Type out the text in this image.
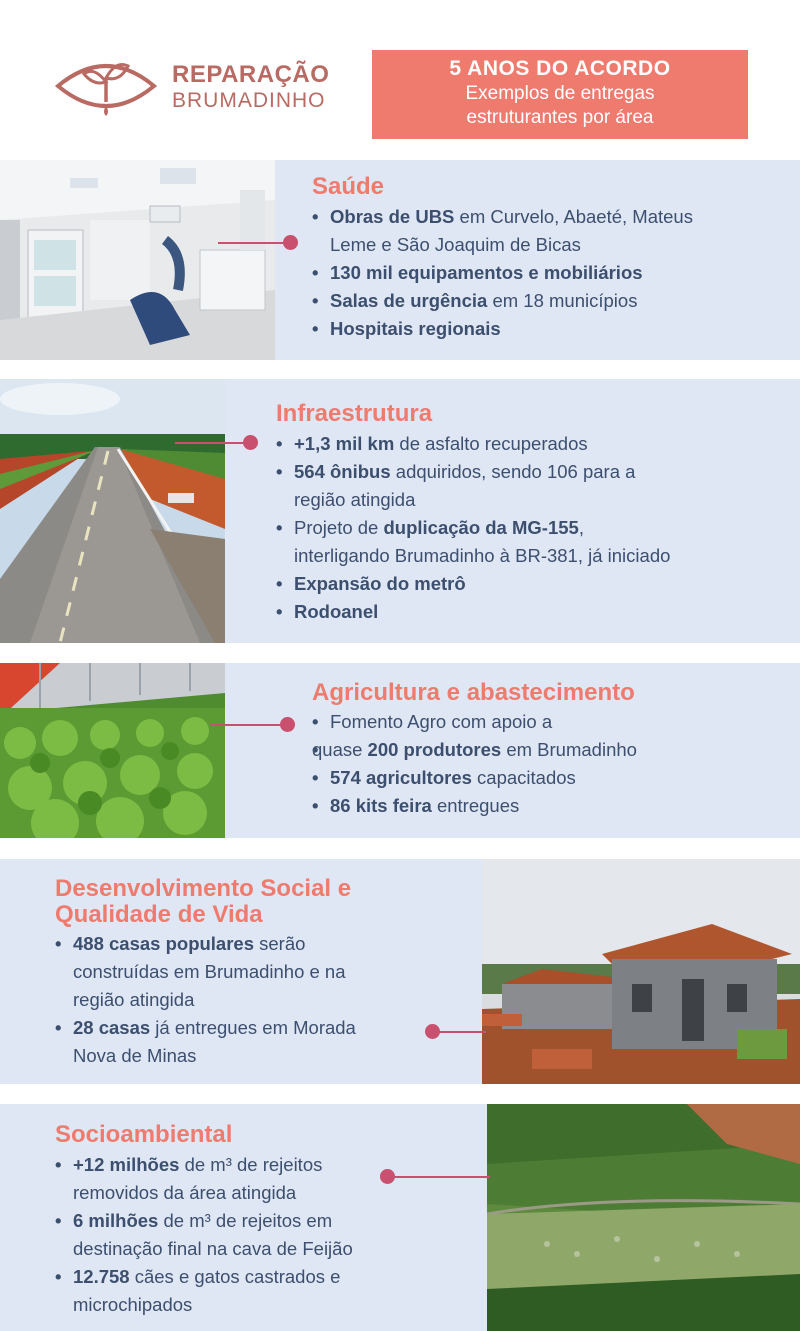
REPARAÇÃO
BRUMADINHO
5 ANOS DO ACORDO
Exemplos de entregas
estruturantes por área
Saúde
• Obras de UBS em Curvelo, Abaeté, Mateus
Leme e São Joaquim de Bicas
• 130 mil equipamentos e mobiliários
• Salas de urgência em 18 municípios
• Hospitais regionais
Infraestrutura
• +1,3 mil km de asfalto recuperados
• 564 ônibus adquiridos, sendo 106 para a
região atingida
• Projeto de duplicação da MG-155,
interligando Brumadinho à BR-381, já iniciado
• Expansão do metrô
• Rodoanel
Agricultura e abastecimento
• Fomento Agro com apoio a
• quase 200 produtores em Brumadinho
• 574 agricultores capacitados
• 86 kits feira entregues
Desenvolvimento Social e
Qualidade de Vida
• 488 casas populares serão
construídas em Brumadinho e na
região atingida
• 28 casas já entregues em Morada
Nova de Minas
Socioambiental
• +12 milhões de m³ de rejeitos
removidos da área atingida
• 6 milhões de m³ de rejeitos em
destinação final na cava de Feijão
• 12.758 cães e gatos castrados e
microchipados
